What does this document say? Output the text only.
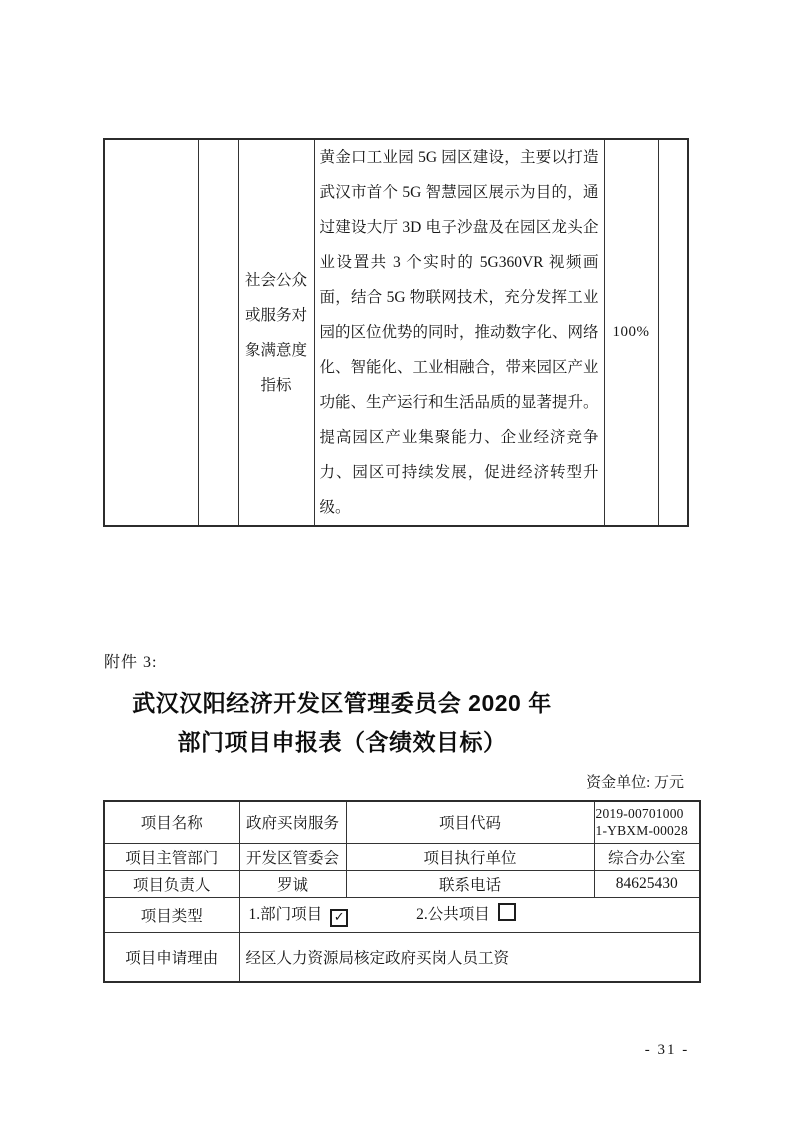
		社会公众或服务对象满意度指标	黄金口工业园 5G 园区建设，主要以打造武汉市首个 5G 智慧园区展示为目的，通过建设大厅 3D 电子沙盘及在园区龙头企业设置共 3 个实时的 5G360VR 视频画面，结合 5G 物联网技术，充分发挥工业园的区位优势的同时，推动数字化、网络化、智能化、工业相融合，带来园区产业功能、生产运行和生活品质的显著提升。提高园区产业集聚能力、企业经济竞争力、园区可持续发展，促进经济转型升级。	100%	
附件 3:
武汉汉阳经济开发区管理委员会 2020 年
部门项目申报表（含绩效目标）
资金单位: 万元
项目名称	政府买岗服务	项目代码	2019-00701000
1-YBXM-00028

项目主管部门	开发区管委会	项目执行单位	综合办公室
项目负责人	罗诚	联系电话	84625430
项目类型	1.部门项目 ✓ 2.公共项目		
项目申请理由	经区人力资源局核定政府买岗人员工资		
- 31 -
